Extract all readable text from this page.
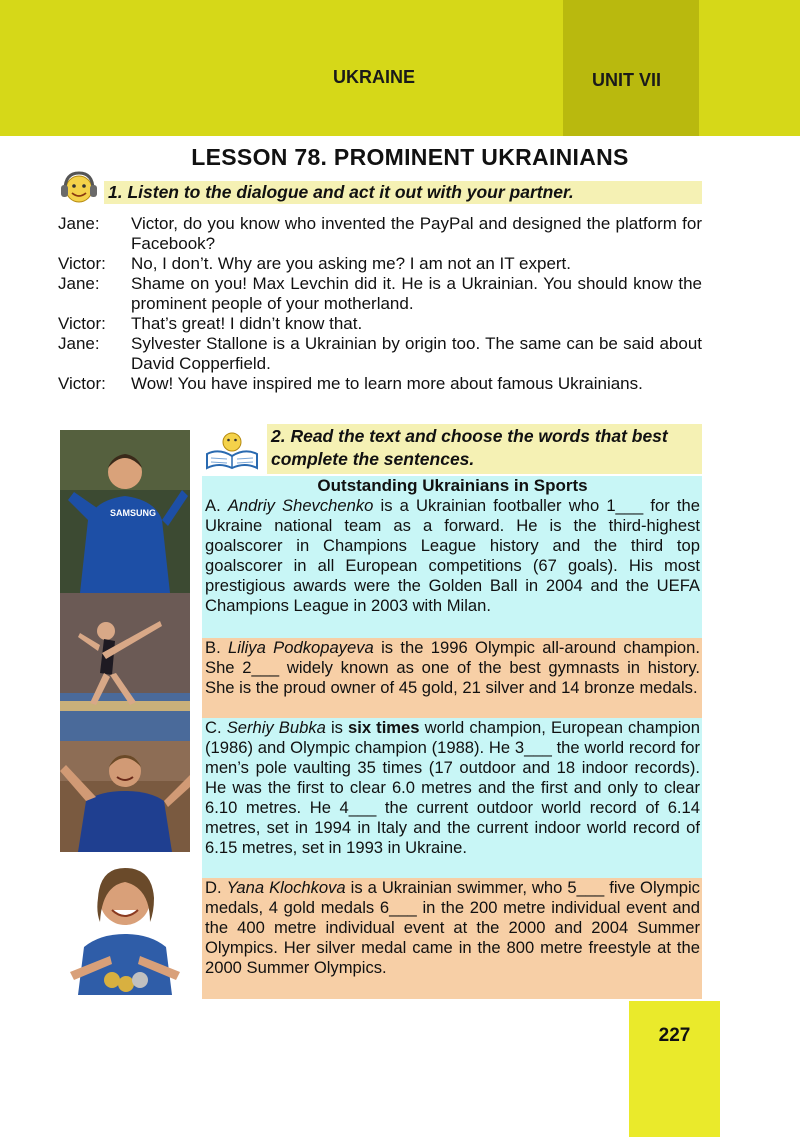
UKRAINE	UNIT VII
LESSON 78. PROMINENT UKRAINIANS
1. Listen to the dialogue and act it out with your partner.
Jane:	Victor, do you know who invented the PayPal and designed the platform for Facebook?
Victor:	No, I don’t. Why are you asking me? I am not an IT expert.
Jane:	Shame on you! Max Levchin did it. He is a Ukrainian. You should know the prominent people of your motherland.
Victor:	That’s great! I didn’t know that.
Jane:	Sylvester Stallone is a Ukrainian by origin too. The same can be said about David Copperfield.
Victor:	Wow! You have inspired me to learn more about famous Ukrainians.
SAMSUNG
2. Read the text and choose the words that best complete the sentences.
Outstanding Ukrainians in Sports
A. Andriy Shevchenko is a Ukrainian footballer who 1___ for the Ukraine national team as a forward. He is the third-highest goalscorer in Champions League history and the third top goalscorer in all European competitions (67 goals). His most prestigious awards were the Golden Ball in 2004 and the UEFA Champions League in 2003 with Milan.
B. Liliya Podkopayeva is the 1996 Olympic all-around champion. She 2___ widely known as one of the best gymnasts in history. She is the proud owner of 45 gold, 21 silver and 14 bronze medals.
C. Serhiy Bubka is six times world champion, European champion (1986) and Olympic champion (1988). He 3___ the world record for men’s pole vaulting 35 times (17 outdoor and 18 indoor records). He was the first to clear 6.0 metres and the first and only to clear 6.10 metres. He 4___ the current outdoor world record of 6.14 metres, set in 1994 in Italy and the current indoor world record of 6.15 metres, set in 1993 in Ukraine.
D. Yana Klochkova is a Ukrainian swimmer, who 5___ five Olympic medals, 4 gold medals 6___ in the 200 metre individual event and the 400 metre individual event at the 2000 and 2004 Summer Olympics. Her silver medal came in the 800 metre freestyle at the 2000 Summer Olympics.
227
